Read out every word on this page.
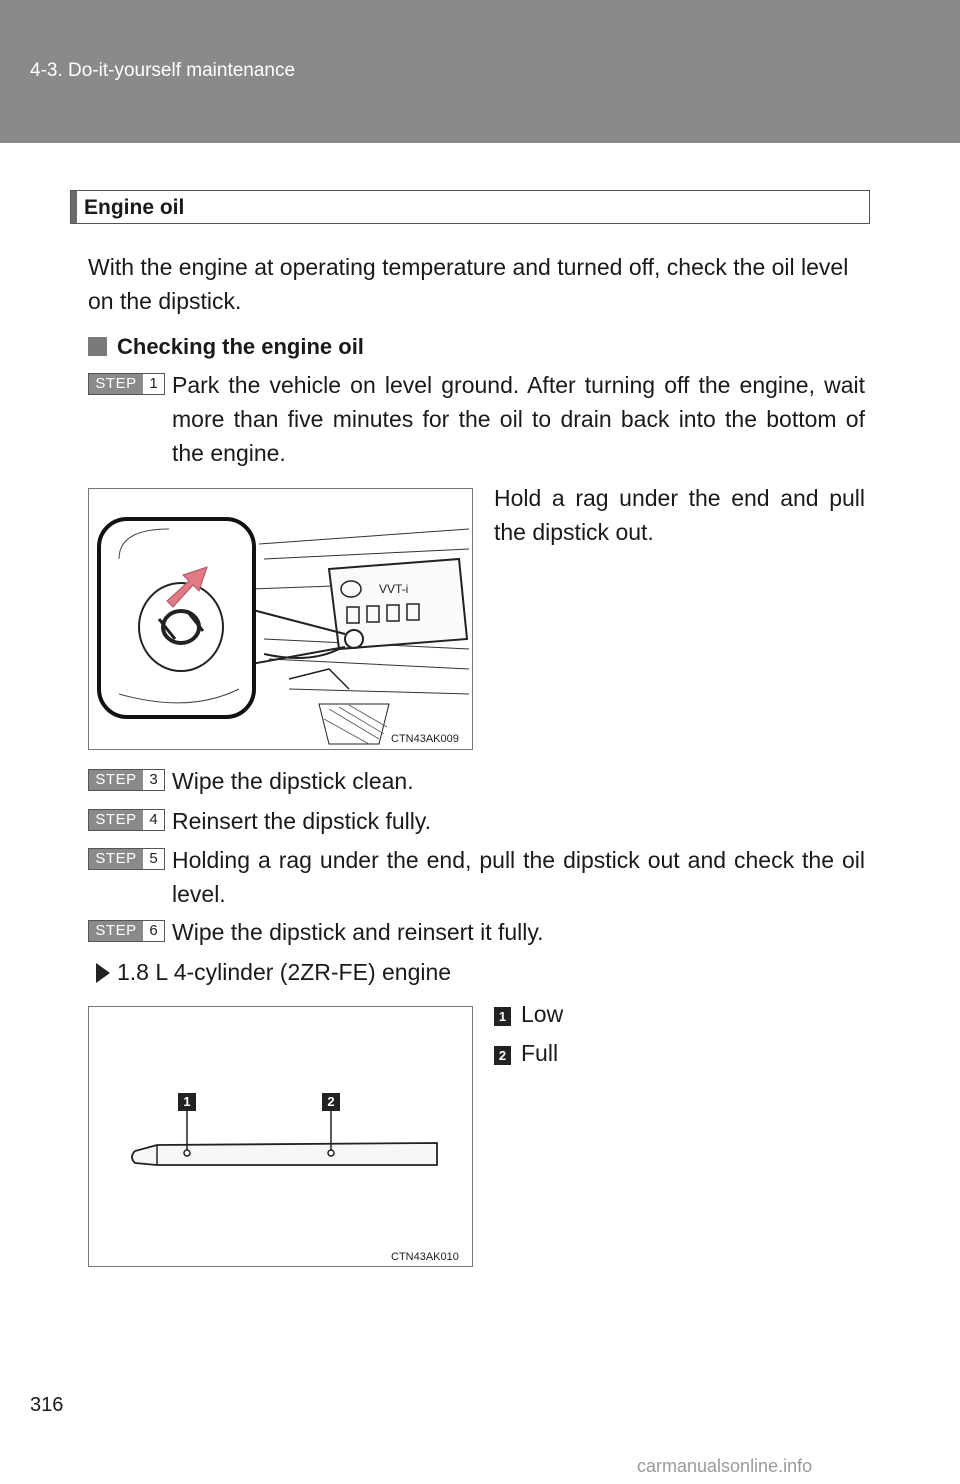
4-3. Do-it-yourself maintenance
Engine oil
With the engine at operating temperature and turned off, check the oil level on the dipstick.
Checking the engine oil
STEP 1 Park the vehicle on level ground. After turning off the engine, wait more than five minutes for the oil to drain back into the bottom of the engine.
Hold a rag under the end and pull the dipstick out.
VVT-i
CTN43AK009
STEP 3 Wipe the dipstick clean.
STEP 4 Reinsert the dipstick fully.
STEP 5 Holding a rag under the end, pull the dipstick out and check the oil level.
STEP 6 Wipe the dipstick and reinsert it fully.
1.8 L 4-cylinder (2ZR-FE) engine
1 Low
2 Full
1	2
CTN43AK010
316
carmanualsonline.info
